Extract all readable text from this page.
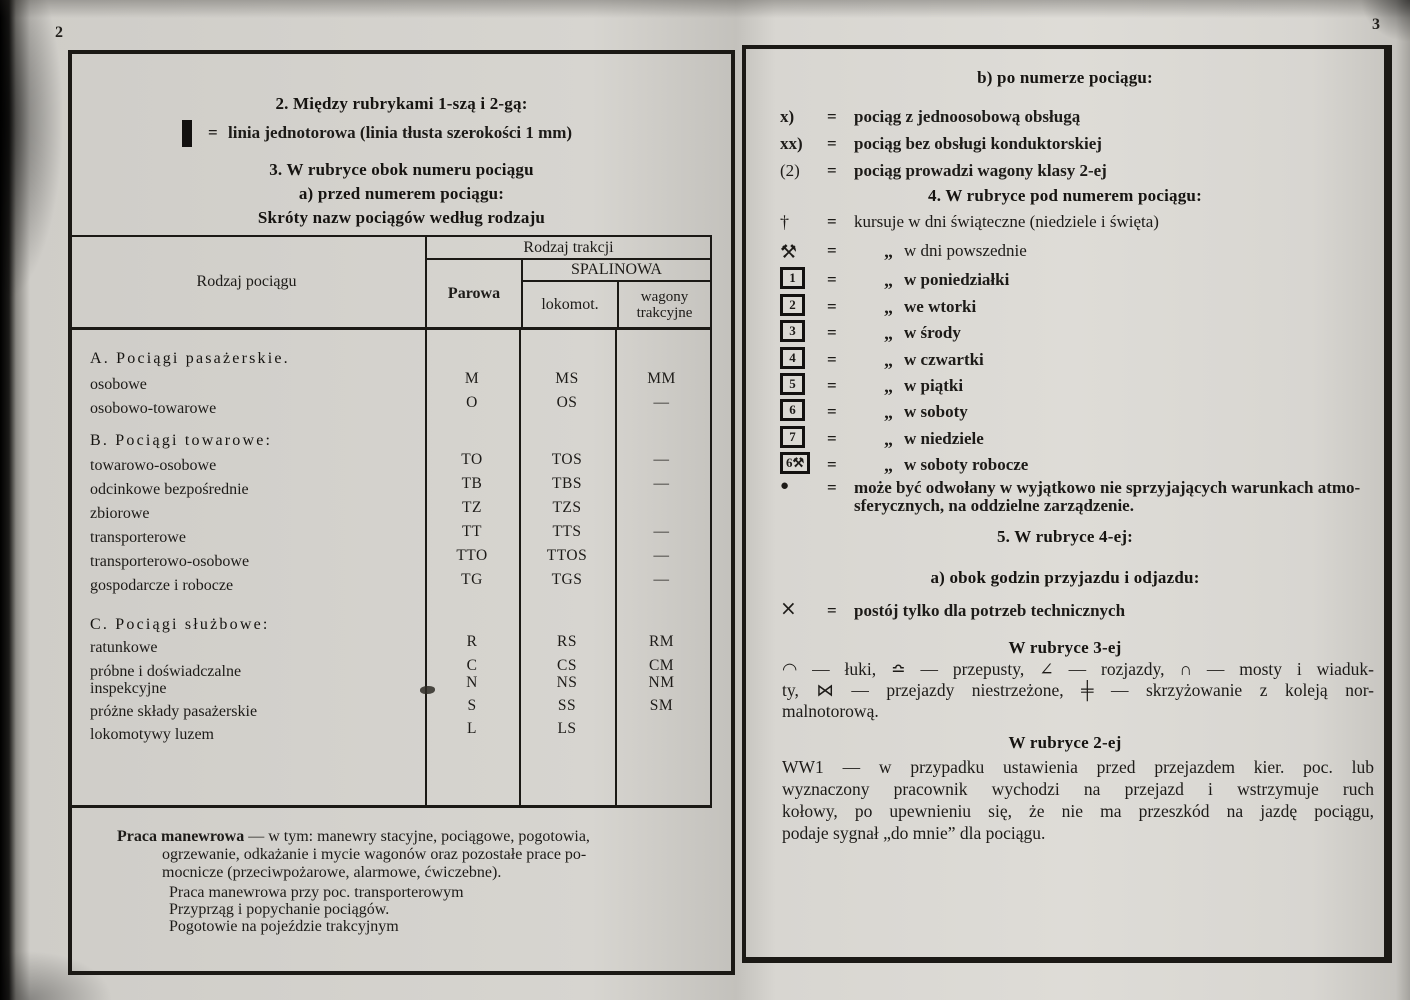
2	3
2. Między rubrykami 1-szą i 2-gą:
= linia jednotorowa (linia tłusta szerokości 1 mm)
3. W rubryce obok numeru pociągu
a) przed numerem pociągu:
Skróty nazw pociągów według rodzaju
Rodzaj pociągu
Rodzaj trakcji
Parowa
SPALINOWA
lokomot.	wagony
trakcyjne
A. Pociągi pasażerskie.
osobowe	M	MS	MM
osobowo-towarowe	O	OS	—
B. Pociągi towarowe:
towarowo-osobowe	TO	TOS	—
odcinkowe bezpośrednie	TB	TBS	—
zbiorowe	TZ	TZS
transporterowe	TT	TTS	—
transporterowo-osobowe	TTO	TTOS	—
gospodarcze i robocze	TG	TGS	—
C. Pociągi służbowe:
ratunkowe	R	RS	RM
próbne i doświadczalne	C	CS	CM
inspekcyjne	N	NS	NM
próżne składy pasażerskie	S	SS	SM
lokomotywy luzem	L	LS
Praca manewrowa — w tym: manewry stacyjne, pociągowe, pogotowia,
ogrzewanie, odkażanie i mycie wagonów oraz pozostałe prace po-
mocnicze (przeciwpożarowe, alarmowe, ćwiczebne).
Praca manewrowa przy poc. transporterowym
Przyprząg i popychanie pociągów.
Pogotowie na pojeździe trakcyjnym
b) po numerze pociągu:
x)	= pociąg z jednoosobową obsługą
xx)	= pociąg bez obsługi konduktorskiej
(2)	= pociąg prowadzi wagony klasy 2-ej
4. W rubryce pod numerem pociągu:
†	= kursuje w dni świąteczne (niedziele i święta)
⚒	=	„ w dni powszednie
1	=	„ w poniedziałki
2	=	„ we wtorki
3	=	„ w środy
4	=	„ w czwartki
5	=	„ w piątki
6	=	„ w soboty
7	=	„ w niedziele
6⚒	=	„ w soboty robocze
●	= może być odwołany w wyjątkowo nie sprzyjających warunkach atmo-
sferycznych, na oddzielne zarządzenie.
5. W rubryce 4-ej:
a) obok godzin przyjazdu i odjazdu:
×	= postój tylko dla potrzeb technicznych
W rubryce 3-ej
◠ — łuki, ≏ — przepusty, ∠ — rozjazdy, ∩ — mosty i wiaduk-
ty, ⋈ — przejazdy niestrzeżone, ╪ — skrzyżowanie z koleją nor-
malnotorową.
W rubryce 2-ej
WW1 — w przypadku ustawienia przed przejazdem kier. poc. lub
wyznaczony pracownik wychodzi na przejazd i wstrzymuje ruch
kołowy, po upewnieniu się, że nie ma przeszkód na jazdę pociągu,
podaje sygnał „do mnie” dla pociągu.
